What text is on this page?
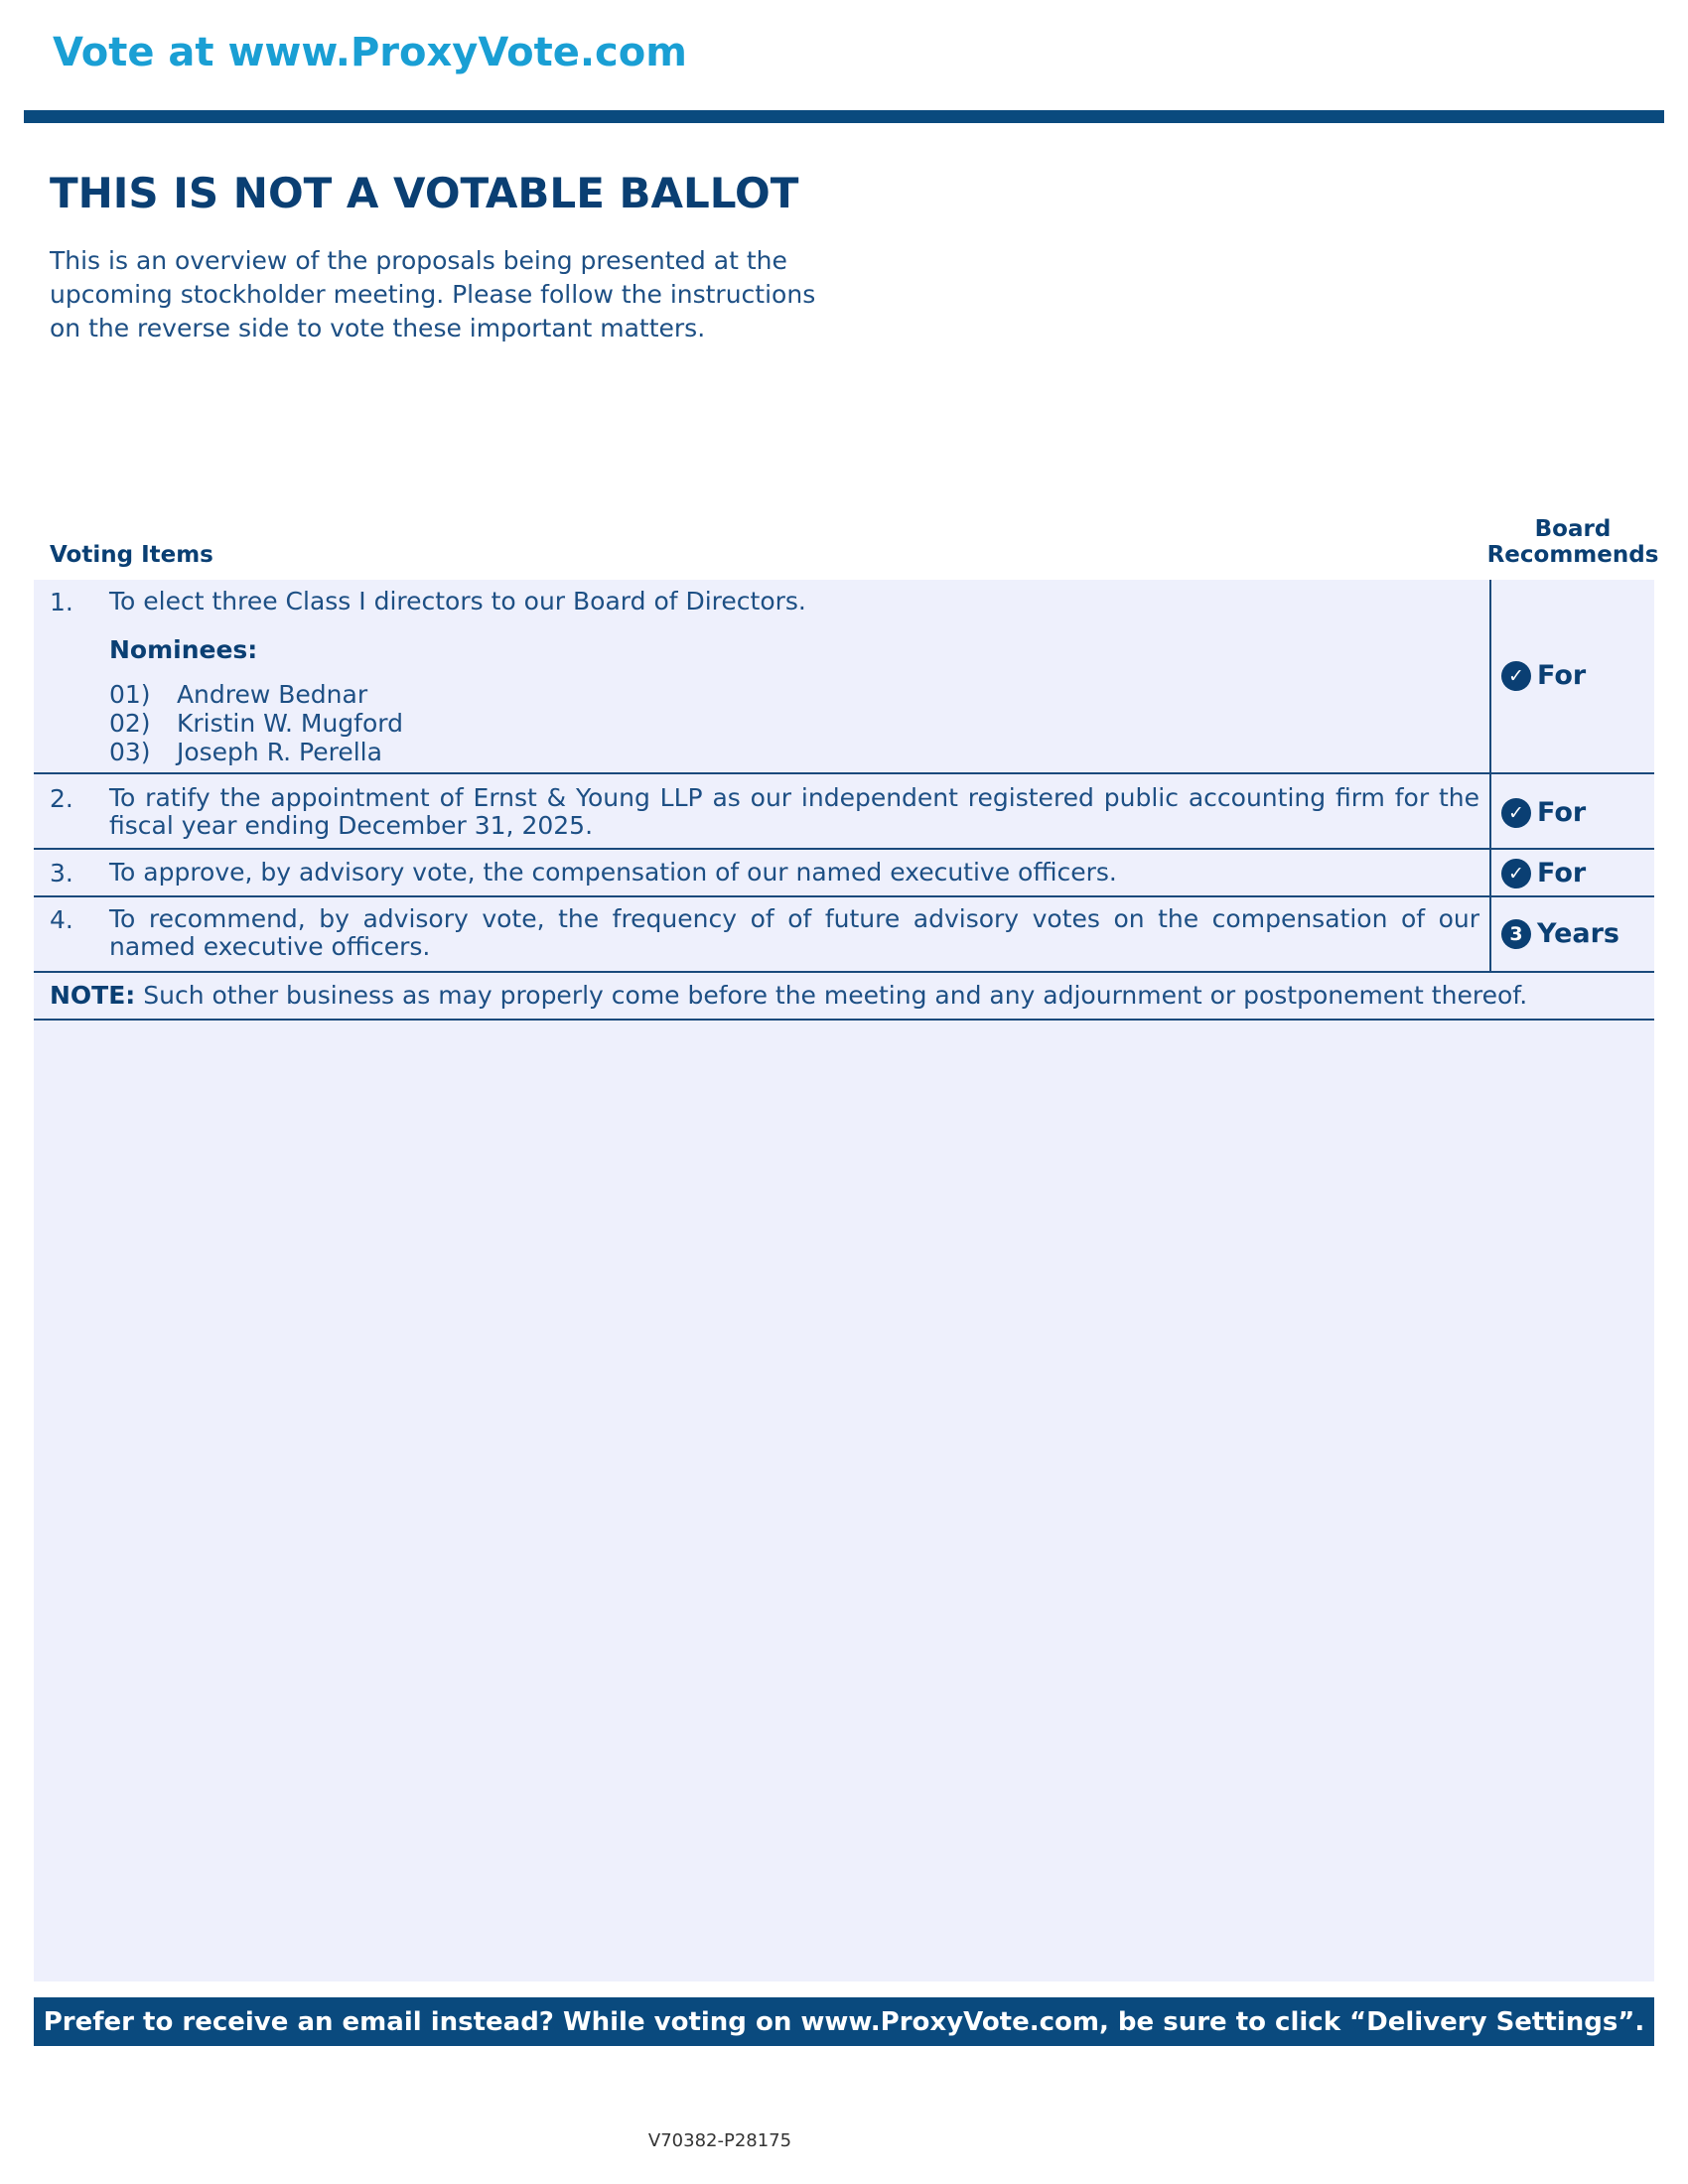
Vote at www.ProxyVote.com
THIS IS NOT A VOTABLE BALLOT
This is an overview of the proposals being presented at the upcoming stockholder meeting. Please follow the instructions on the reverse side to vote these important matters.
Voting Items
Board
Recommends
1. To elect three Class I directors to our Board of Directors.
Nominees:
01) Andrew Bednar
02) Kristin W. Mugford
03) Joseph R. Perella
✓ For
2. To ratify the appointment of Ernst & Young LLP as our independent registered public accounting firm for the fiscal year ending December 31, 2025.	✓ For
3. To approve, by advisory vote, the compensation of our named executive officers.	✓ For
4. To recommend, by advisory vote, the frequency of of future advisory votes on the compensation of our named executive officers.	3 Years
NOTE: Such other business as may properly come before the meeting and any adjournment or postponement thereof.
Prefer to receive an email instead? While voting on www.ProxyVote.com, be sure to click “Delivery Settings”.
V70382-P28175
